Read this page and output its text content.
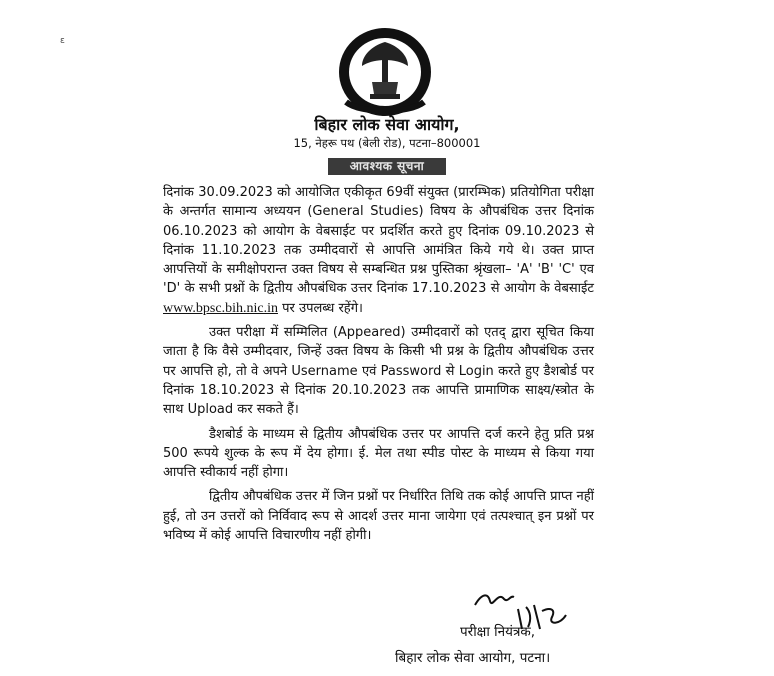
ɛ
बिहार लोक सेवा आयोग,
15, नेहरू पथ (बेली रोड), पटना–800001
आवश्यक सूचना

दिनांक 30.09.2023 को आयोजित एकीकृत 69वीं संयुक्त (प्रारम्भिक) प्रतियोगिता परीक्षा के अन्तर्गत सामान्य अध्ययन (General Studies) विषय के औपबंधिक उत्तर दिनांक 06.10.2023 को आयोग के वेबसाईट पर प्रदर्शित करते हुए दिनांक 09.10.2023 से दिनांक 11.10.2023 तक उम्मीदवारों से आपत्ति आमंत्रित किये गये थे। उक्त प्राप्त आपत्तियों के समीक्षोपरान्त उक्त विषय से सम्बन्धित प्रश्न पुस्तिका श्रृंखला– 'A' 'B' 'C' एव 'D' के सभी प्रश्नों के द्वितीय औपबंधिक उत्तर दिनांक 17.10.2023 से आयोग के वेबसाईट www.bpsc.bih.nic.in पर उपलब्ध रहेंगे।

उक्त परीक्षा में सम्मिलित (Appeared) उम्मीदवारों को एतद् द्वारा सूचित किया जाता है कि वैसे उम्मीदवार, जिन्हें उक्त विषय के किसी भी प्रश्न के द्वितीय औपबंधिक उत्तर पर आपत्ति हो, तो वे अपने Username एवं Password से Login करते हुए डैशबोर्ड पर दिनांक 18.10.2023 से दिनांक 20.10.2023 तक आपत्ति प्रामाणिक साक्ष्य/स्त्रोत के साथ Upload कर सकते हैं।

डैशबोर्ड के माध्यम से द्वितीय औपबंधिक उत्तर पर आपत्ति दर्ज करने हेतु प्रति प्रश्न 500 रूपये शुल्क के रूप में देय होगा। ई. मेल तथा स्पीड पोस्ट के माध्यम से किया गया आपत्ति स्वीकार्य नहीं होगा।

द्वितीय औपबंधिक उत्तर में जिन प्रश्नों पर निर्धारित तिथि तक कोई आपत्ति प्राप्त नहीं हुई, तो उन उत्तरों को निर्विवाद रूप से आदर्श उत्तर माना जायेगा एवं तत्पश्चात् इन प्रश्नों पर भविष्य में कोई आपत्ति विचारणीय नहीं होगी।

परीक्षा नियंत्रक,
बिहार लोक सेवा आयोग, पटना।
